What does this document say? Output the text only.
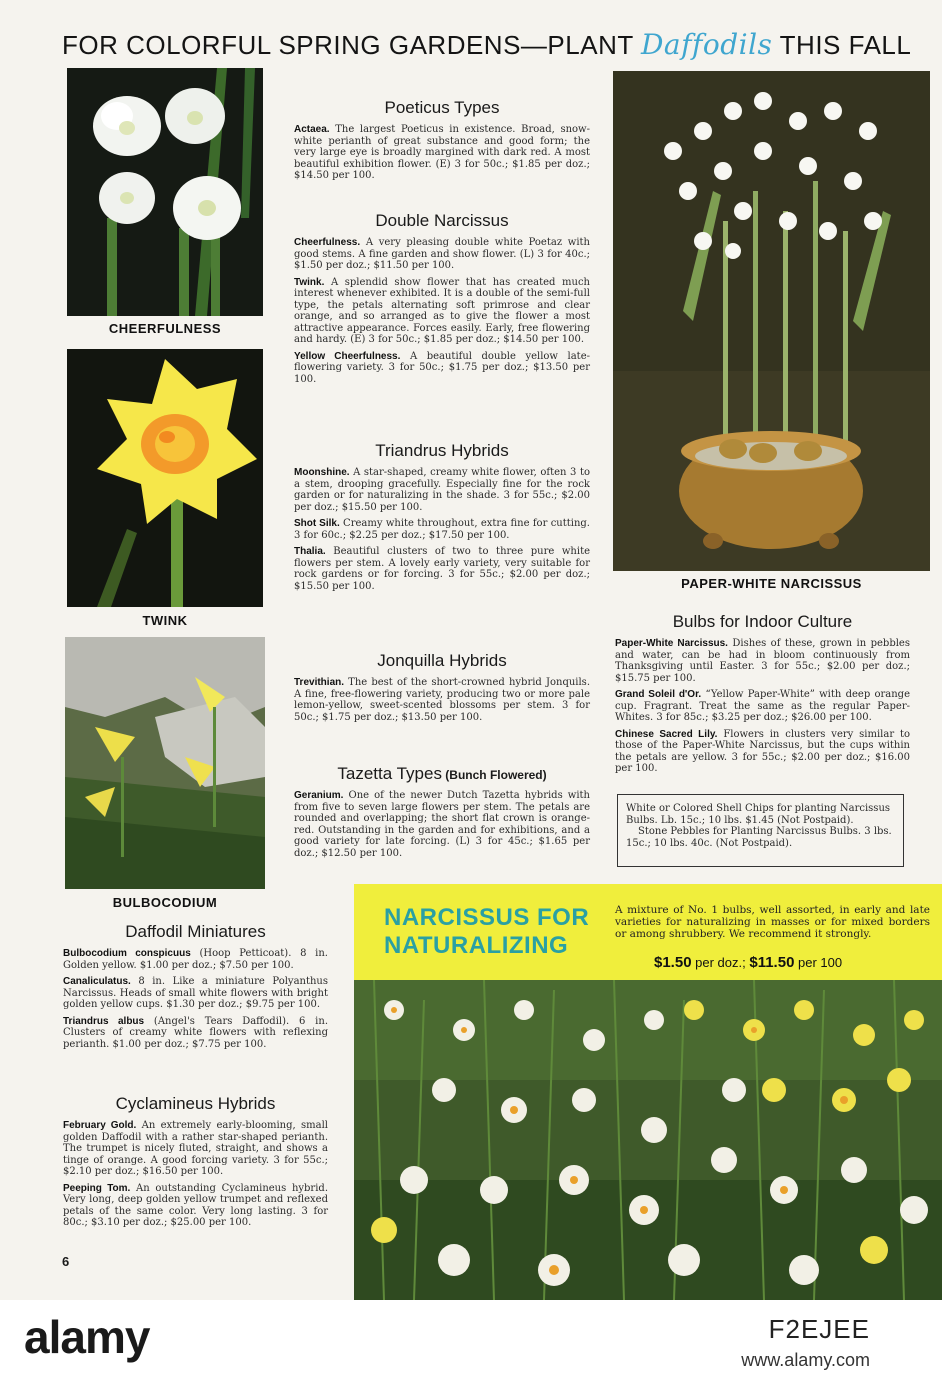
FOR COLORFUL SPRING GARDENS—PLANT Daffodils THIS FALL
CHEERFULNESS
TWINK
BULBOCODIUM
Poeticus Types
Actaea. The largest Poeticus in existence. Broad, snow-white perianth of great substance and good form; the very large eye is broadly margined with dark red. A most beautiful exhibition flower. (E) 3 for 50c.; $1.85 per doz.; $14.50 per 100.
Double Narcissus
Cheerfulness. A very pleasing double white Poetaz with good stems. A fine garden and show flower. (L) 3 for 40c.; $1.50 per doz.; $11.50 per 100.
Twink. A splendid show flower that has created much interest whenever exhibited. It is a double of the semi-full type, the petals alternating soft primrose and clear orange, and so arranged as to give the flower a most attractive appearance. Forces easily. Early, free flowering and hardy. (E) 3 for 50c.; $1.85 per doz.; $14.50 per 100.
Yellow Cheerfulness. A beautiful double yellow late-flowering variety. 3 for 50c.; $1.75 per doz.; $13.50 per 100.
Triandrus Hybrids
Moonshine. A star-shaped, creamy white flower, often 3 to a stem, drooping gracefully. Especially fine for the rock garden or for naturalizing in the shade. 3 for 55c.; $2.00 per doz.; $15.50 per 100.
Shot Silk. Creamy white throughout, extra fine for cutting. 3 for 60c.; $2.25 per doz.; $17.50 per 100.
Thalia. Beautiful clusters of two to three pure white flowers per stem. A lovely early variety, very suitable for rock gardens or for forcing. 3 for 55c.; $2.00 per doz.; $15.50 per 100.
Jonquilla Hybrids
Trevithian. The best of the short-crowned hybrid Jonquils. A fine, free-flowering variety, producing two or more pale lemon-yellow, sweet-scented blossoms per stem. 3 for 50c.; $1.75 per doz.; $13.50 per 100.
Tazetta Types (Bunch Flowered)
Geranium. One of the newer Dutch Tazetta hybrids with from five to seven large flowers per stem. The petals are rounded and overlapping; the short flat crown is orange-red. Outstanding in the garden and for exhibitions, and a good variety for late forcing. (L) 3 for 45c.; $1.65 per doz.; $12.50 per 100.
PAPER-WHITE NARCISSUS
Bulbs for Indoor Culture
Paper-White Narcissus. Dishes of these, grown in pebbles and water, can be had in bloom continuously from Thanksgiving until Easter. 3 for 55c.; $2.00 per doz.; $15.75 per 100.
Grand Soleil d'Or. “Yellow Paper-White” with deep orange cup. Fragrant. Treat the same as the regular Paper-Whites. 3 for 85c.; $3.25 per doz.; $26.00 per 100.
Chinese Sacred Lily. Flowers in clusters very similar to those of the Paper-White Narcissus, but the cups within the petals are yellow. 3 for 55c.; $2.00 per doz.; $16.00 per 100.

White or Colored Shell Chips for planting Narcissus Bulbs. Lb. 15c.; 10 lbs. $1.45 (Not Postpaid).

Stone Pebbles for Planting Narcissus Bulbs. 3 lbs. 15c.; 10 lbs. 40c. (Not Postpaid).

Daffodil Miniatures
Bulbocodium conspicuus (Hoop Petticoat). 8 in. Golden yellow. $1.00 per doz.; $7.50 per 100.
Canaliculatus. 8 in. Like a miniature Polyanthus Narcissus. Heads of small white flowers with bright golden yellow cups. $1.30 per doz.; $9.75 per 100.
Triandrus albus (Angel's Tears Daffodil). 6 in. Clusters of creamy white flowers with reflexing perianth. $1.00 per doz.; $7.75 per 100.
Cyclamineus Hybrids
February Gold. An extremely early-blooming, small golden Daffodil with a rather star-shaped perianth. The trumpet is nicely fluted, straight, and shows a tinge of orange. A good forcing variety. 3 for 55c.; $2.10 per doz.; $16.50 per 100.
Peeping Tom. An outstanding Cyclamineus hybrid. Very long, deep golden yellow trumpet and reflexed petals of the same color. Very long lasting. 3 for 80c.; $3.10 per doz.; $25.00 per 100.
6
NARCISSUS FOR
NATURALIZING
A mixture of No. 1 bulbs, well assorted, in early and late varieties for naturalizing in masses or for mixed borders or among shrubbery. We recommend it strongly.
$1.50 per doz.; $11.50 per 100
alamy	F2EJEE
www.alamy.com
